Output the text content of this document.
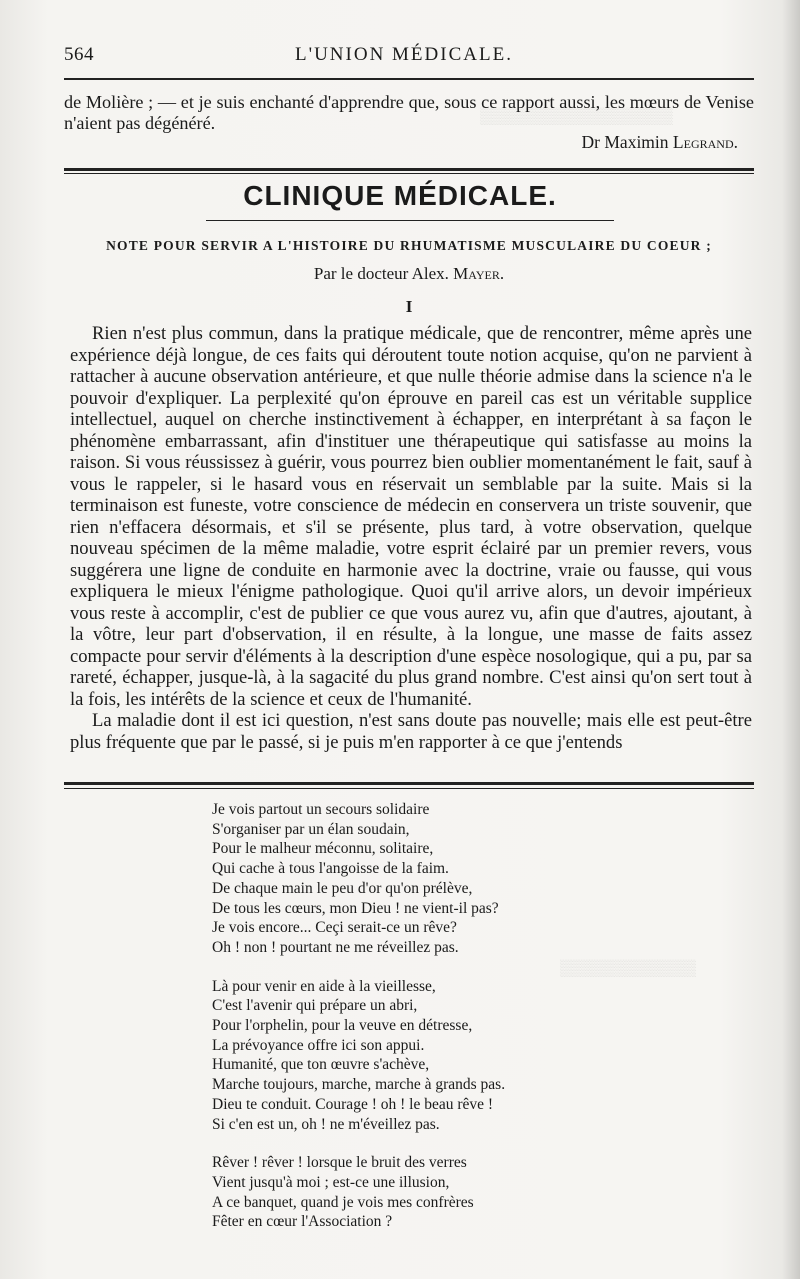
▒▒▒▒▒▒▒▒▒▒▒▒▒▒▒▒▒
▒▒▒▒▒▒▒▒▒▒▒▒
564	L'UNION MÉDICALE.
de Molière ; — et je suis enchanté d'apprendre que, sous ce rapport aussi, les mœurs de Venise n'aient pas dégénéré.
Dr Maximin Legrand.
CLINIQUE MÉDICALE.
NOTE POUR SERVIR A L'HISTOIRE DU RHUMATISME MUSCULAIRE DU COEUR ;
Par le docteur Alex. Mayer.
I

Rien n'est plus commun, dans la pratique médicale, que de rencontrer, même après une expérience déjà longue, de ces faits qui déroutent toute notion acquise, qu'on ne parvient à rattacher à aucune observation antérieure, et que nulle théorie admise dans la science n'a le pouvoir d'expliquer. La perplexité qu'on éprouve en pareil cas est un véritable supplice intellectuel, auquel on cherche instinctivement à échapper, en interprétant à sa façon le phénomène embarrassant, afin d'instituer une thérapeutique qui satisfasse au moins la raison. Si vous réussissez à guérir, vous pourrez bien oublier momentanément le fait, sauf à vous le rappeler, si le hasard vous en réservait un semblable par la suite. Mais si la terminaison est funeste, votre conscience de médecin en conservera un triste souvenir, que rien n'effacera désormais, et s'il se présente, plus tard, à votre observation, quelque nouveau spécimen de la même maladie, votre esprit éclairé par un premier revers, vous suggérera une ligne de conduite en harmonie avec la doctrine, vraie ou fausse, qui vous expliquera le mieux l'énigme pathologique. Quoi qu'il arrive alors, un devoir impérieux vous reste à accomplir, c'est de publier ce que vous aurez vu, afin que d'autres, ajoutant, à la vôtre, leur part d'observation, il en résulte, à la longue, une masse de faits assez compacte pour servir d'éléments à la description d'une espèce nosologique, qui a pu, par sa rareté, échapper, jusque-là, à la sagacité du plus grand nombre. C'est ainsi qu'on sert tout à la fois, les intérêts de la science et ceux de l'humanité.

La maladie dont il est ici question, n'est sans doute pas nouvelle; mais elle est peut-être plus fréquente que par le passé, si je puis m'en rapporter à ce que j'entends

Je vois partout un secours solidaire
S'organiser par un élan soudain,
Pour le malheur méconnu, solitaire,
Qui cache à tous l'angoisse de la faim.
De chaque main le peu d'or qu'on prélève,
De tous les cœurs, mon Dieu ! ne vient-il pas?
Je vois encore... Ceçi serait-ce un rêve?
Oh ! non ! pourtant ne me réveillez pas.
Là pour venir en aide à la vieillesse,
C'est l'avenir qui prépare un abri,
Pour l'orphelin, pour la veuve en détresse,
La prévoyance offre ici son appui.
Humanité, que ton œuvre s'achève,
Marche toujours, marche, marche à grands pas.
Dieu te conduit. Courage ! oh ! le beau rêve !
Si c'en est un, oh ! ne m'éveillez pas.
Rêver ! rêver ! lorsque le bruit des verres
Vient jusqu'à moi ; est-ce une illusion,
A ce banquet, quand je vois mes confrères
Fêter en cœur l'Association ?
